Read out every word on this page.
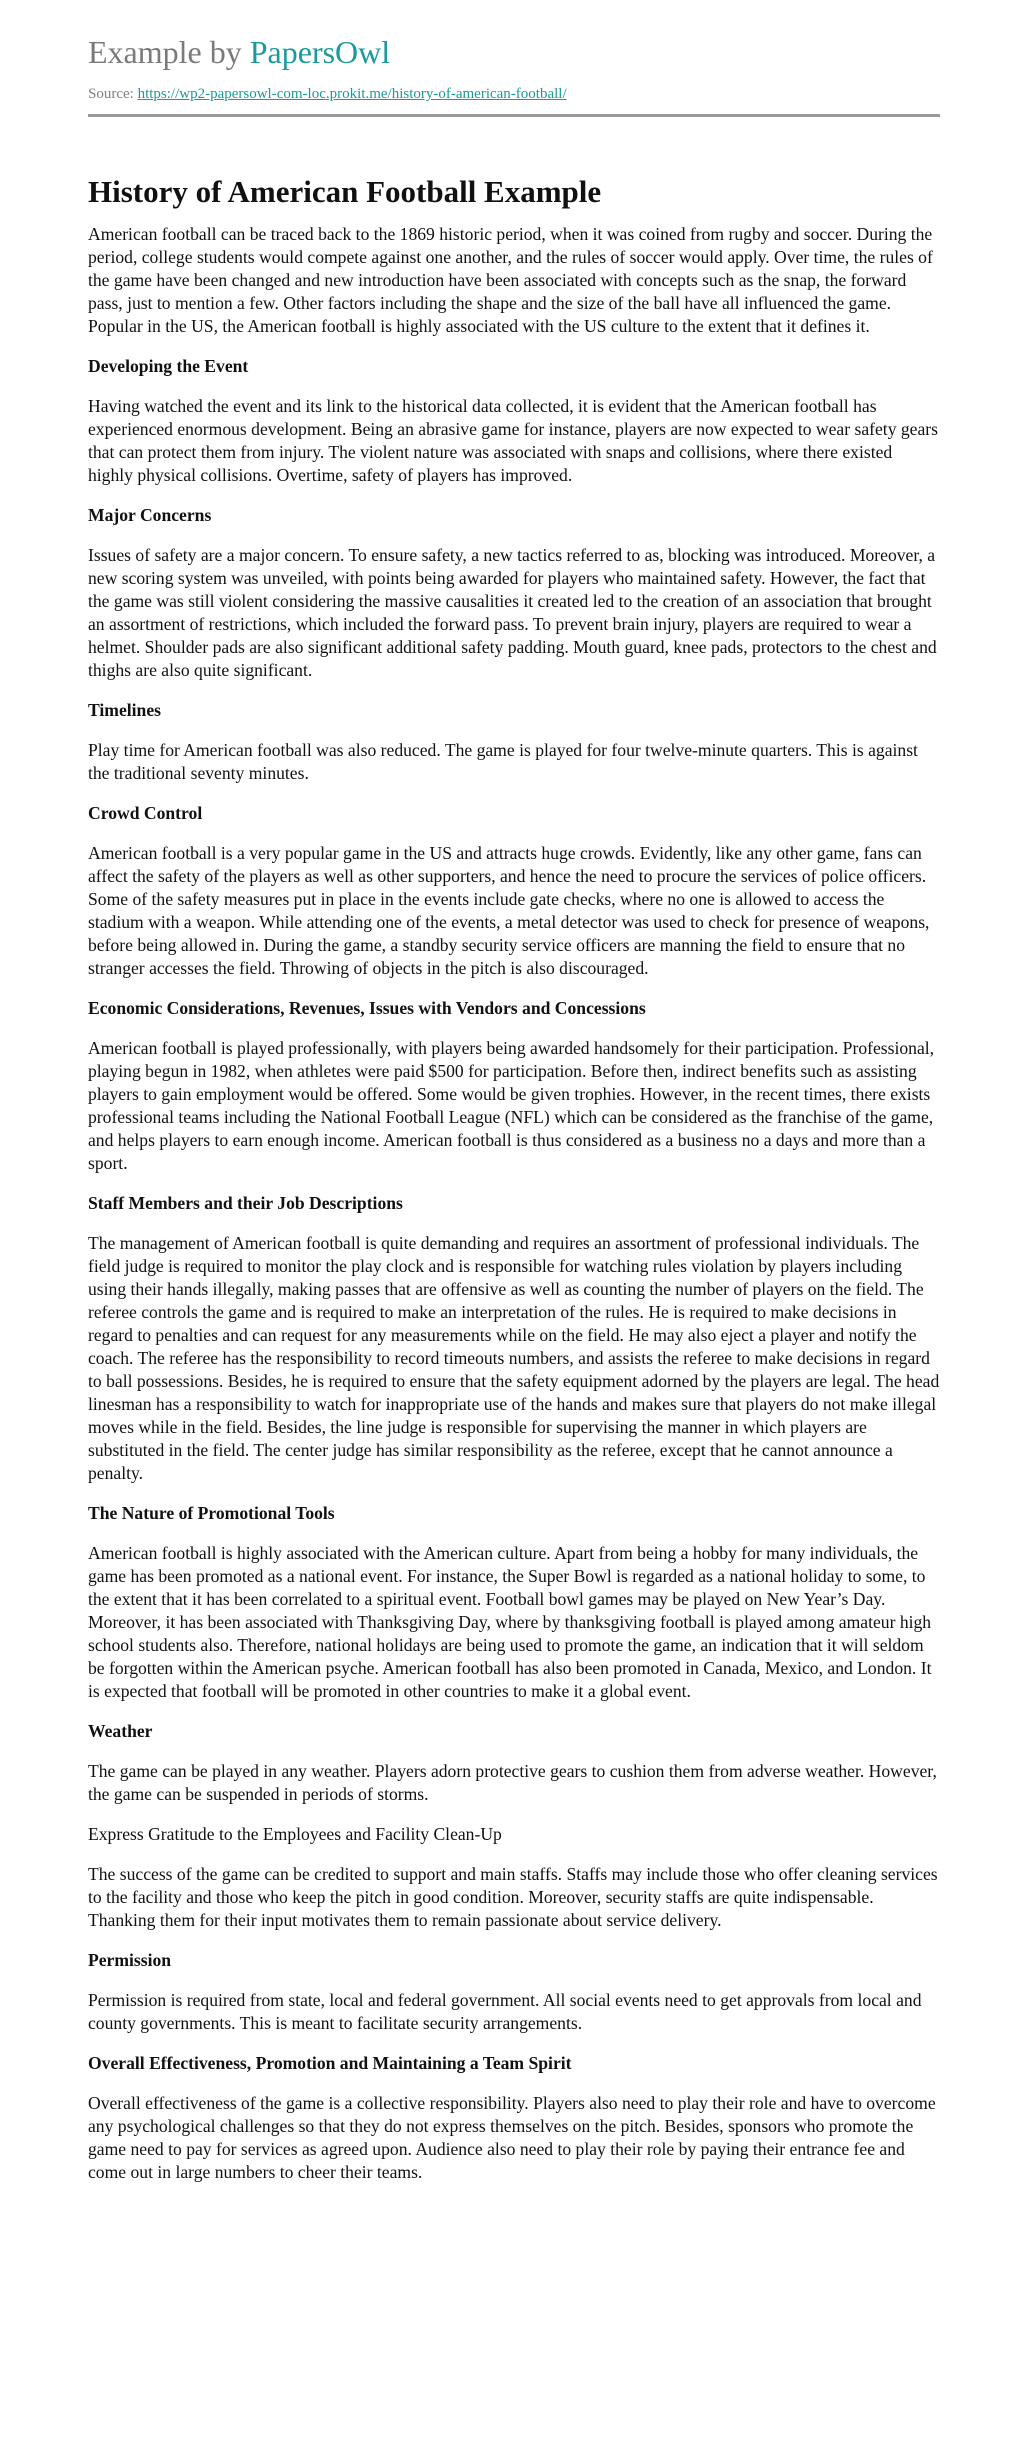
Example by PapersOwl
Source: https://wp2-papersowl-com-loc.prokit.me/history-of-american-football/
History of American Football Example

American football can be traced back to the 1869 historic period, when it was coined from rugby and soccer. During the period, college students would compete against one another, and the rules of soccer would apply. Over time, the rules of the game have been changed and new introduction have been associated with concepts such as the snap, the forward pass, just to mention a few. Other factors including the shape and the size of the ball have all influenced the game. Popular in the US, the American football is highly associated with the US culture to the extent that it defines it.

Developing the Event

Having watched the event and its link to the historical data collected, it is evident that the American football has experienced enormous development. Being an abrasive game for instance, players are now expected to wear safety gears that can protect them from injury. The violent nature was associated with snaps and collisions, where there existed highly physical collisions. Overtime, safety of players has improved.

Major Concerns

Issues of safety are a major concern. To ensure safety, a new tactics referred to as, blocking was introduced. Moreover, a new scoring system was unveiled, with points being awarded for players who maintained safety. However, the fact that the game was still violent considering the massive causalities it created led to the creation of an association that brought an assortment of restrictions, which included the forward pass. To prevent brain injury, players are required to wear a helmet. Shoulder pads are also significant additional safety padding. Mouth guard, knee pads, protectors to the chest and thighs are also quite significant.

Timelines

Play time for American football was also reduced. The game is played for four twelve-minute quarters. This is against the traditional seventy minutes.

Crowd Control

American football is a very popular game in the US and attracts huge crowds. Evidently, like any other game, fans can affect the safety of the players as well as other supporters, and hence the need to procure the services of police officers. Some of the safety measures put in place in the events include gate checks, where no one is allowed to access the stadium with a weapon. While attending one of the events, a metal detector was used to check for presence of weapons, before being allowed in. During the game, a standby security service officers are manning the field to ensure that no stranger accesses the field. Throwing of objects in the pitch is also discouraged.

Economic Considerations, Revenues, Issues with Vendors and Concessions

American football is played professionally, with players being awarded handsomely for their participation. Professional, playing begun in 1982, when athletes were paid $500 for participation. Before then, indirect benefits such as assisting players to gain employment would be offered. Some would be given trophies. However, in the recent times, there exists professional teams including the National Football League (NFL) which can be considered as the franchise of the game, and helps players to earn enough income. American football is thus considered as a business no a days and more than a sport.

Staff Members and their Job Descriptions

The management of American football is quite demanding and requires an assortment of professional individuals. The field judge is required to monitor the play clock and is responsible for watching rules violation by players including using their hands illegally, making passes that are offensive as well as counting the number of players on the field. The referee controls the game and is required to make an interpretation of the rules. He is required to make decisions in regard to penalties and can request for any measurements while on the field. He may also eject a player and notify the coach. The referee has the responsibility to record timeouts numbers, and assists the referee to make decisions in regard to ball possessions. Besides, he is required to ensure that the safety equipment adorned by the players are legal. The head linesman has a responsibility to watch for inappropriate use of the hands and makes sure that players do not make illegal moves while in the field. Besides, the line judge is responsible for supervising the manner in which players are substituted in the field. The center judge has similar responsibility as the referee, except that he cannot announce a penalty.

The Nature of Promotional Tools

American football is highly associated with the American culture. Apart from being a hobby for many individuals, the game has been promoted as a national event. For instance, the Super Bowl is regarded as a national holiday to some, to the extent that it has been correlated to a spiritual event. Football bowl games may be played on New Year’s Day. Moreover, it has been associated with Thanksgiving Day, where by thanksgiving football is played among amateur high school students also. Therefore, national holidays are being used to promote the game, an indication that it will seldom be forgotten within the American psyche. American football has also been promoted in Canada, Mexico, and London. It is expected that football will be promoted in other countries to make it a global event.

Weather

The game can be played in any weather. Players adorn protective gears to cushion them from adverse weather. However, the game can be suspended in periods of storms.

Express Gratitude to the Employees and Facility Clean-Up

The success of the game can be credited to support and main staffs. Staffs may include those who offer cleaning services to the facility and those who keep the pitch in good condition. Moreover, security staffs are quite indispensable. Thanking them for their input motivates them to remain passionate about service delivery.

Permission

Permission is required from state, local and federal government. All social events need to get approvals from local and county governments. This is meant to facilitate security arrangements.

Overall Effectiveness, Promotion and Maintaining a Team Spirit

Overall effectiveness of the game is a collective responsibility. Players also need to play their role and have to overcome any psychological challenges so that they do not express themselves on the pitch. Besides, sponsors who promote the game need to pay for services as agreed upon. Audience also need to play their role by paying their entrance fee and come out in large numbers to cheer their teams.
